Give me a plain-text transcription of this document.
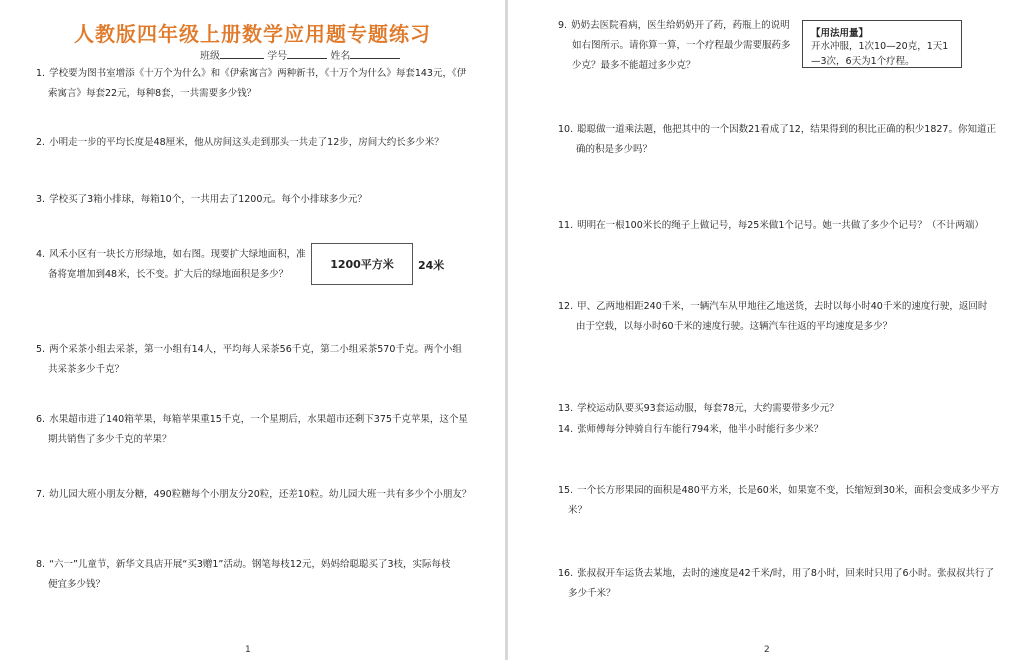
人教版四年级上册数学应用题专题练习
班级	学号	姓名
1. 学校要为图书室增添《十万个为什么》和《伊索寓言》两种新书，《十万个为什么》每套143元，《伊
索寓言》每套22元，每种8套，一共需要多少钱？
2. 小明走一步的平均长度是48厘米，他从房间这头走到那头一共走了12步，房间大约长多少米？
3. 学校买了3箱小排球，每箱10个，一共用去了1200元。每个小排球多少元？
4. 风禾小区有一块长方形绿地，如右图。现要扩大绿地面积，准
备将宽增加到48米，长不变。扩大后的绿地面积是多少？
1200平方米 24米
5. 两个采茶小组去采茶，第一小组有14人，平均每人采茶56千克，第二小组采茶570千克。两个小组
共采茶多少千克？
6. 水果超市进了140箱苹果，每箱苹果重15千克，一个星期后，水果超市还剩下375千克苹果，这个星
期共销售了多少千克的苹果？
7. 幼儿园大班小朋友分糖，490粒糖每个小朋友分20粒，还差10粒。幼儿园大班一共有多少个小朋友？
8. “六一”儿童节，新华文具店开展“买3赠1”活动。钢笔每枝12元，妈妈给聪聪买了3枝，实际每枝
便宜多少钱？
1
9. 奶奶去医院看病，医生给奶奶开了药，药瓶上的说明
如右图所示。请你算一算，一个疗程最少需要服药多
少克？最多不能超过多少克？
【用法用量】
开水冲服，1次10—20克，1天1
—3次，6天为1个疗程。
10. 聪聪做一道乘法题，他把其中的一个因数21看成了12，结果得到的积比正确的积少1827。你知道正
确的积是多少吗？
11. 明明在一根100米长的绳子上做记号，每25米做1个记号。她一共做了多少个记号？（不计两端）
12. 甲、乙两地相距240千米，一辆汽车从甲地往乙地送货，去时以每小时40千米的速度行驶，返回时
由于空载，以每小时60千米的速度行驶。这辆汽车往返的平均速度是多少？
13. 学校运动队要买93套运动服，每套78元，大约需要带多少元？
14. 张师傅每分钟骑自行车能行794米，他半小时能行多少米？
15. 一个长方形果园的面积是480平方米，长是60米，如果宽不变，长缩短到30米，面积会变成多少平方
米？
16. 张叔叔开车运货去某地，去时的速度是42千米/时，用了8小时，回来时只用了6小时。张叔叔共行了
多少千米？
2
